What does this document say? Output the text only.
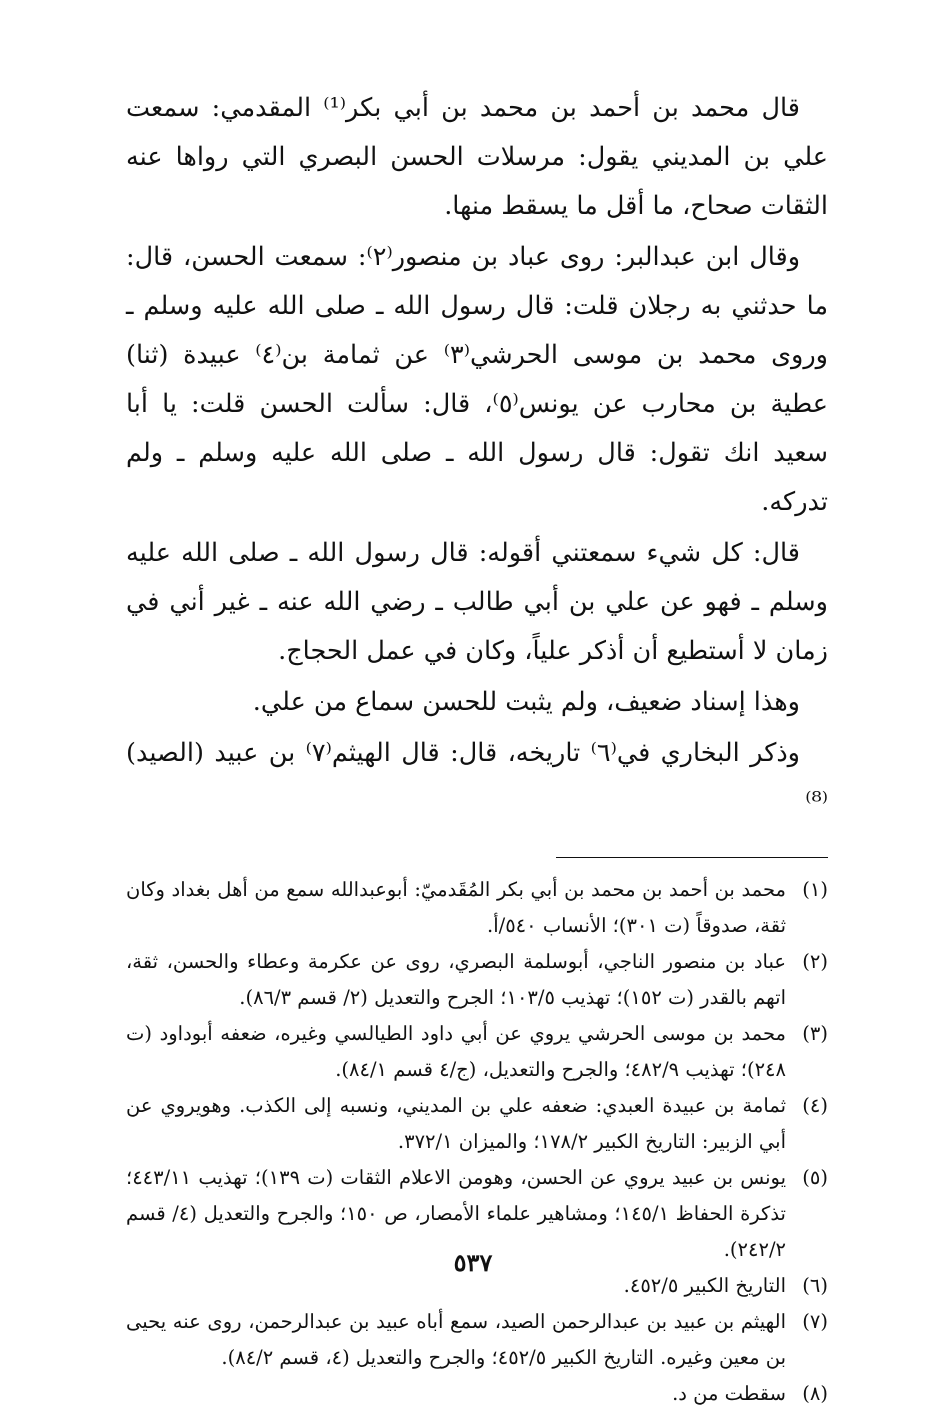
قال محمد بن أحمد بن محمد بن أبي بكر⁽¹⁾ المقدمي: سمعت علي بن المديني يقول: مرسلات الحسن البصري التي رواها عنه الثقات صحاح، ما أقل ما يسقط منها.

وقال ابن عبدالبر: روى عباد بن منصور⁽٢⁾: سمعت الحسن، قال: ما حدثني به رجلان قلت: قال رسول الله ـ صلى الله عليه وسلم ـ وروى محمد بن موسى الحرشي⁽٣⁾ عن ثمامة بن⁽٤⁾ عبيدة (ثنا) عطية بن محارب عن يونس⁽٥⁾، قال: سألت الحسن قلت: يا أبا سعيد انك تقول: قال رسول الله ـ صلى الله عليه وسلم ـ ولم تدركه.

قال: كل شيء سمعتني أقوله: قال رسول الله ـ صلى الله عليه وسلم ـ فهو عن علي بن أبي طالب ـ رضي الله عنه ـ غير أني في زمان لا أستطيع أن أذكر علياً، وكان في عمل الحجاج.

وهذا إسناد ضعيف، ولم يثبت للحسن سماع من علي.

وذكر البخاري في⁽٦⁾ تاريخه، قال: قال الهيثم⁽٧⁾ بن عبيد (الصيد)⁽⁸⁾

(١)
محمد بن أحمد بن محمد بن أبي بكر المُقَدميّ: أبوعبدالله سمع من أهل بغداد وكان ثقة، صدوقاً (ت ٣٠١)؛ الأنساب ٥٤٠/أ.
(٢)
عباد بن منصور الناجي، أبوسلمة البصري، روى عن عكرمة وعطاء والحسن، ثقة، اتهم بالقدر (ت ١٥٢)؛ تهذيب ١٠٣/٥؛ الجرح والتعديل (٢/ قسم ٨٦/٣).
(٣)
محمد بن موسى الحرشي يروي عن أبي داود الطيالسي وغيره، ضعفه أبوداود (ت ٢٤٨)؛ تهذيب ٤٨٢/٩؛ والجرح والتعديل، (ج/٤ قسم ٨٤/١).
(٤)
ثمامة بن عبيدة العبدي: ضعفه علي بن المديني، ونسبه إلى الكذب. وهويروي عن أبي الزبير: التاريخ الكبير ١٧٨/٢؛ والميزان ٣٧٢/١.
(٥)
يونس بن عبيد يروي عن الحسن، وهومن الاعلام الثقات (ت ١٣٩)؛ تهذيب ٤٤٣/١١؛ تذكرة الحفاظ ١٤٥/١؛ ومشاهير علماء الأمصار، ص ١٥٠؛ والجرح والتعديل (٤/ قسم ٢٤٢/٢).
(٦)
التاريخ الكبير ٤٥٢/٥.
(٧)
الهيثم بن عبيد بن عبدالرحمن الصيد، سمع أباه عبيد بن عبدالرحمن، روى عنه يحيى بن معين وغيره. التاريخ الكبير ٤٥٢/٥؛ والجرح والتعديل (٤، قسم ٨٤/٢).
(٨)
سقطت من د.
٥٣٧
